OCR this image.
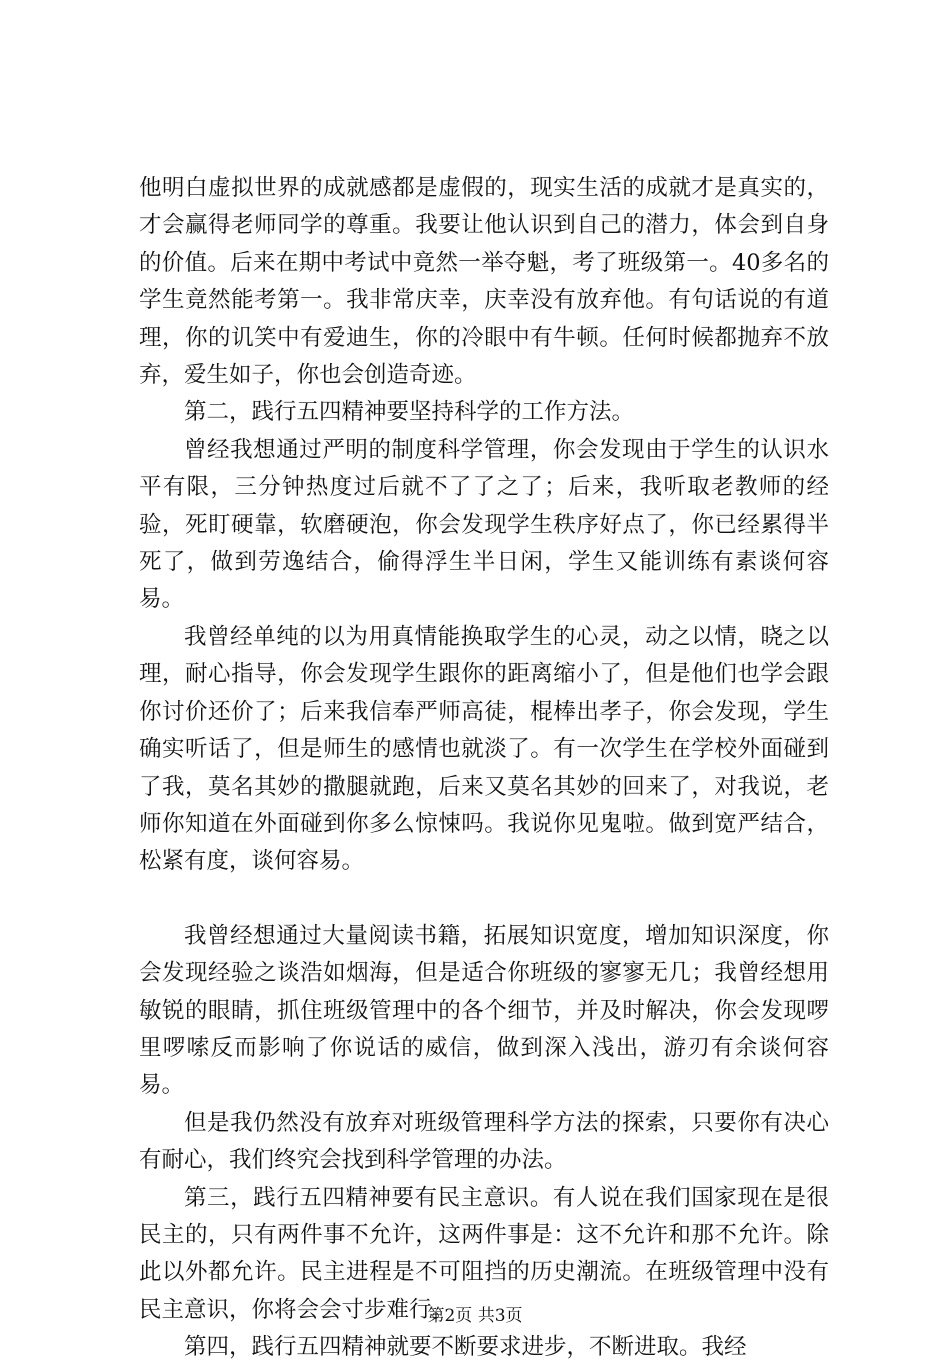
他明白虚拟世界的成就感都是虚假的，现实生活的成就才是真实的，才会赢得老师同学的尊重。我要让他认识到自己的潜力，体会到自身的价值。后来在期中考试中竟然一举夺魁，考了班级第一。40多名的学生竟然能考第一。我非常庆幸，庆幸没有放弃他。有句话说的有道理，你的讥笑中有爱迪生，你的冷眼中有牛顿。任何时候都抛弃不放弃，爱生如子，你也会创造奇迹。

第二，践行五四精神要坚持科学的工作方法。

曾经我想通过严明的制度科学管理，你会发现由于学生的认识水平有限，三分钟热度过后就不了了之了；后来，我听取老教师的经验，死盯硬靠，软磨硬泡，你会发现学生秩序好点了，你已经累得半死了，做到劳逸结合，偷得浮生半日闲，学生又能训练有素谈何容易。

我曾经单纯的以为用真情能换取学生的心灵，动之以情，晓之以理，耐心指导，你会发现学生跟你的距离缩小了，但是他们也学会跟你讨价还价了；后来我信奉严师高徒，棍棒出孝子，你会发现，学生确实听话了，但是师生的感情也就淡了。有一次学生在学校外面碰到了我，莫名其妙的撒腿就跑，后来又莫名其妙的回来了，对我说，老师你知道在外面碰到你多么惊悚吗。我说你见鬼啦。做到宽严结合，松紧有度，谈何容易。

我曾经想通过大量阅读书籍，拓展知识宽度，增加知识深度，你会发现经验之谈浩如烟海，但是适合你班级的寥寥无几；我曾经想用敏锐的眼睛，抓住班级管理中的各个细节，并及时解决，你会发现啰里啰嗦反而影响了你说话的威信，做到深入浅出，游刃有余谈何容易。

但是我仍然没有放弃对班级管理科学方法的探索，只要你有决心有耐心，我们终究会找到科学管理的办法。

第三，践行五四精神要有民主意识。有人说在我们国家现在是很民主的，只有两件事不允许，这两件事是：这不允许和那不允许。除此以外都允许。民主进程是不可阻挡的历史潮流。在班级管理中没有民主意识，你将会会寸步难行。

第四，践行五四精神就要不断要求进步，不断进取。我经

第2页 共3页
